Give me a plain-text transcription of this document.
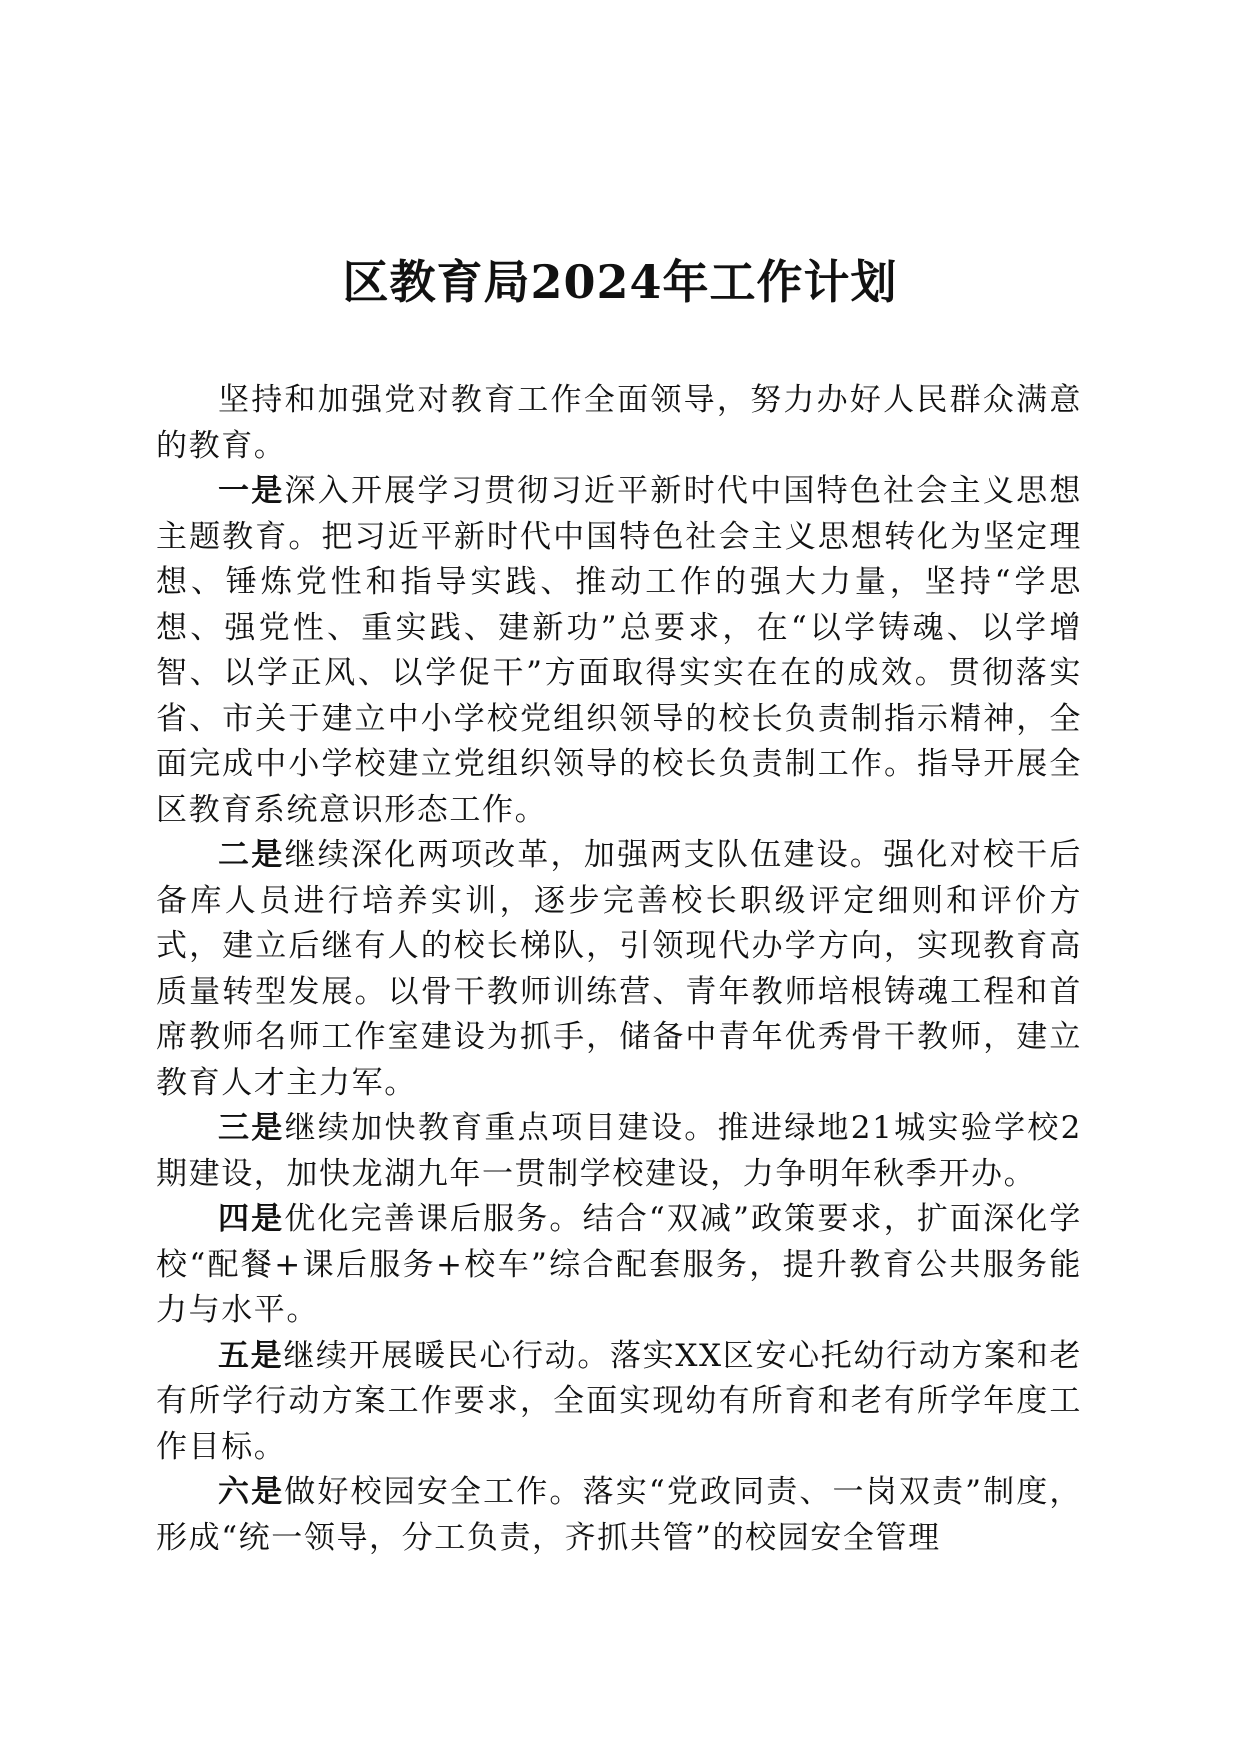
区教育局2024年工作计划

坚持和加强党对教育工作全面领导，努力办好人民群众满意的教育。

一是深入开展学习贯彻习近平新时代中国特色社会主义思想主题教育。把习近平新时代中国特色社会主义思想转化为坚定理想、锤炼党性和指导实践、推动工作的强大力量，坚持“学思想、强党性、重实践、建新功”总要求，在“以学铸魂、以学增智、以学正风、以学促干”方面取得实实在在的成效。贯彻落实省、市关于建立中小学校党组织领导的校长负责制指示精神，全面完成中小学校建立党组织领导的校长负责制工作。指导开展全区教育系统意识形态工作。

二是继续深化两项改革，加强两支队伍建设。强化对校干后备库人员进行培养实训，逐步完善校长职级评定细则和评价方式，建立后继有人的校长梯队，引领现代办学方向，实现教育高质量转型发展。以骨干教师训练营、青年教师培根铸魂工程和首席教师名师工作室建设为抓手，储备中青年优秀骨干教师，建立教育人才主力军。

三是继续加快教育重点项目建设。推进绿地21城实验学校2期建设，加快龙湖九年一贯制学校建设，力争明年秋季开办。

四是优化完善课后服务。结合“双减”政策要求，扩面深化学校“配餐+课后服务+校车”综合配套服务，提升教育公共服务能力与水平。

五是继续开展暖民心行动。落实XX区安心托幼行动方案和老有所学行动方案工作要求，全面实现幼有所育和老有所学年度工作目标。

六是做好校园安全工作。落实“党政同责、一岗双责”制度，形成“统一领导，分工负责，齐抓共管”的校园安全管理
